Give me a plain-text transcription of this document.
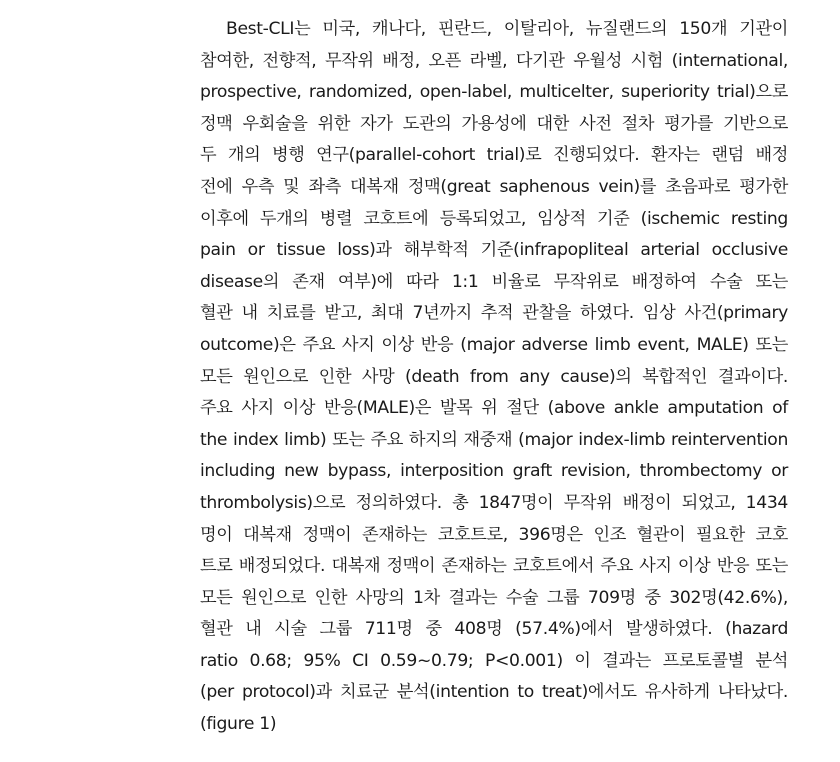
Best-CLI는 미국, 캐나다, 핀란드, 이탈리아, 뉴질랜드의 150개 기관이
참여한, 전향적, 무작위 배정, 오픈 라벨, 다기관 우월성 시험 (international,
prospective, randomized, open-label, multicelter, superiority trial)으로
정맥 우회술을 위한 자가 도관의 가용성에 대한 사전 절차 평가를 기반으로
두 개의 병행 연구(parallel-cohort trial)로 진행되었다. 환자는 랜덤 배정
전에 우측 및 좌측 대복재 정맥(great saphenous vein)를 초음파로 평가한
이후에 두개의 병렬 코호트에 등록되었고, 임상적 기준 (ischemic resting
pain or tissue loss)과 해부학적 기준(infrapopliteal arterial occlusive
disease의 존재 여부)에 따라 1:1 비율로 무작위로 배정하여 수술 또는
혈관 내 치료를 받고, 최대 7년까지 추적 관찰을 하였다. 임상 사건(primary
outcome)은 주요 사지 이상 반응 (major adverse limb event, MALE) 또는
모든 원인으로 인한 사망 (death from any cause)의 복합적인 결과이다.
주요 사지 이상 반응(MALE)은 발목 위 절단 (above ankle amputation of
the index limb) 또는 주요 하지의 재중재 (major index-limb reintervention
including new bypass, interposition graft revision, thrombectomy or
thrombolysis)으로 정의하였다. 총 1847명이 무작위 배정이 되었고, 1434
명이 대복재 정맥이 존재하는 코호트로, 396명은 인조 혈관이 필요한 코호
트로 배정되었다. 대복재 정맥이 존재하는 코호트에서 주요 사지 이상 반응 또는
모든 원인으로 인한 사망의 1차 결과는 수술 그룹 709명 중 302명(42.6%),
혈관 내 시술 그룹 711명 중 408명 (57.4%)에서 발생하였다. (hazard
ratio 0.68; 95% CI 0.59~0.79; P<0.001) 이 결과는 프로토콜별 분석
(per protocol)과 치료군 분석(intention to treat)에서도 유사하게 나타났다.
(figure 1)
